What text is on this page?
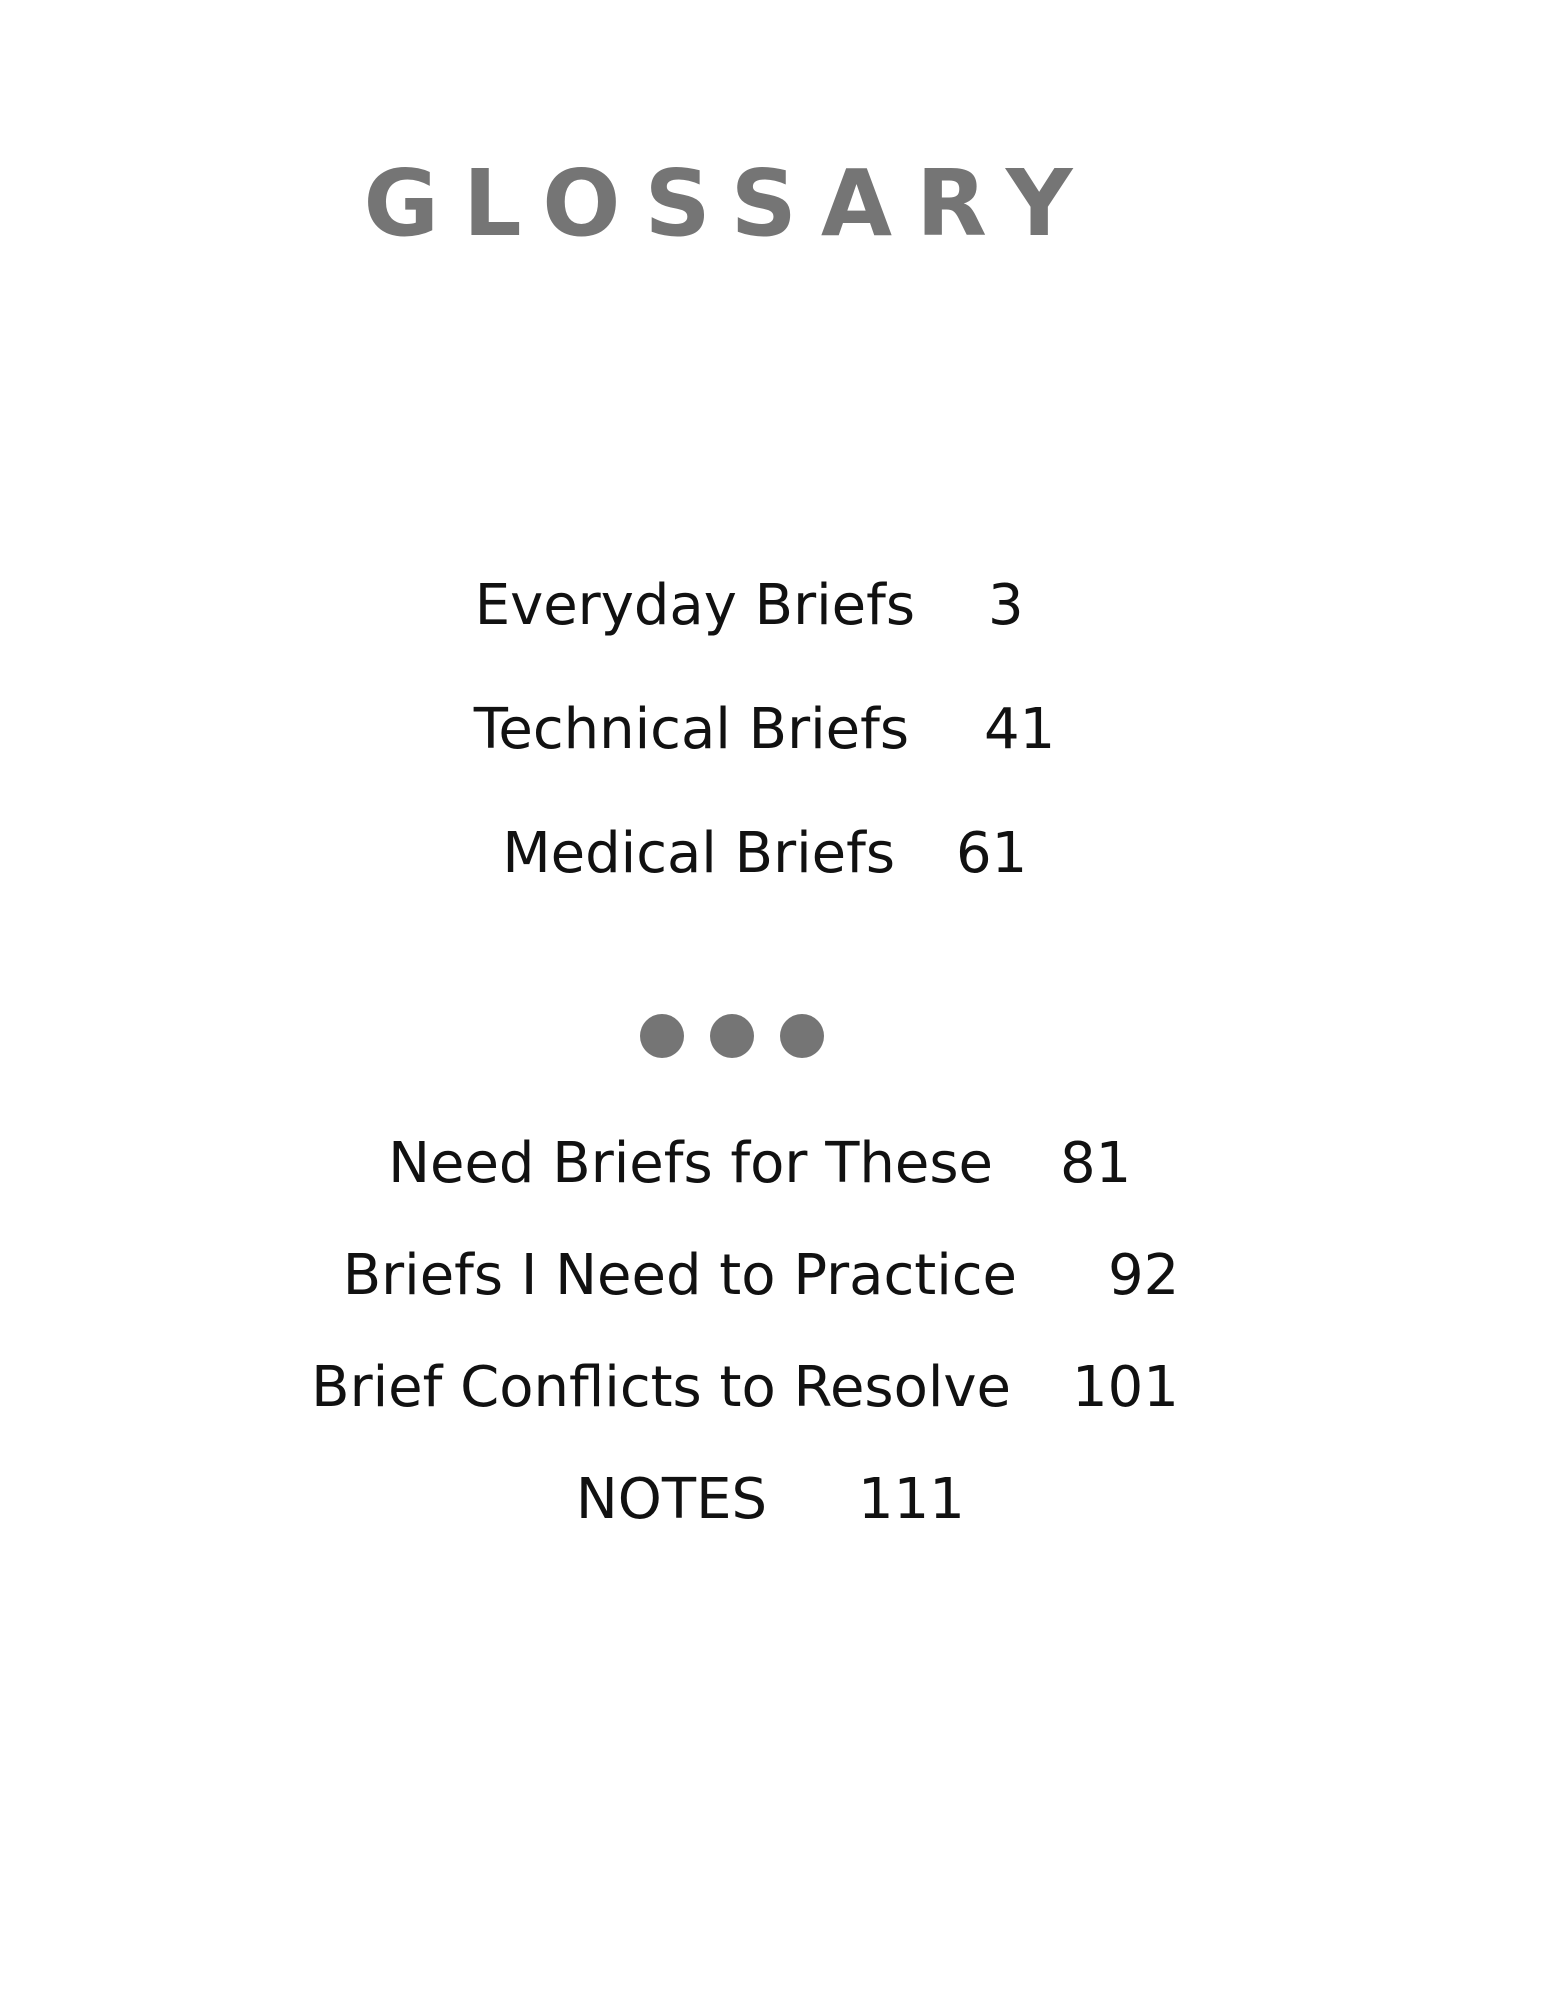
GLOSSARY
Everyday Briefs 3
Technical Briefs 41
Medical Briefs 61
Need Briefs for These 81
Briefs I Need to Practice 92
Brief Conflicts to Resolve 101
NOTES 111
